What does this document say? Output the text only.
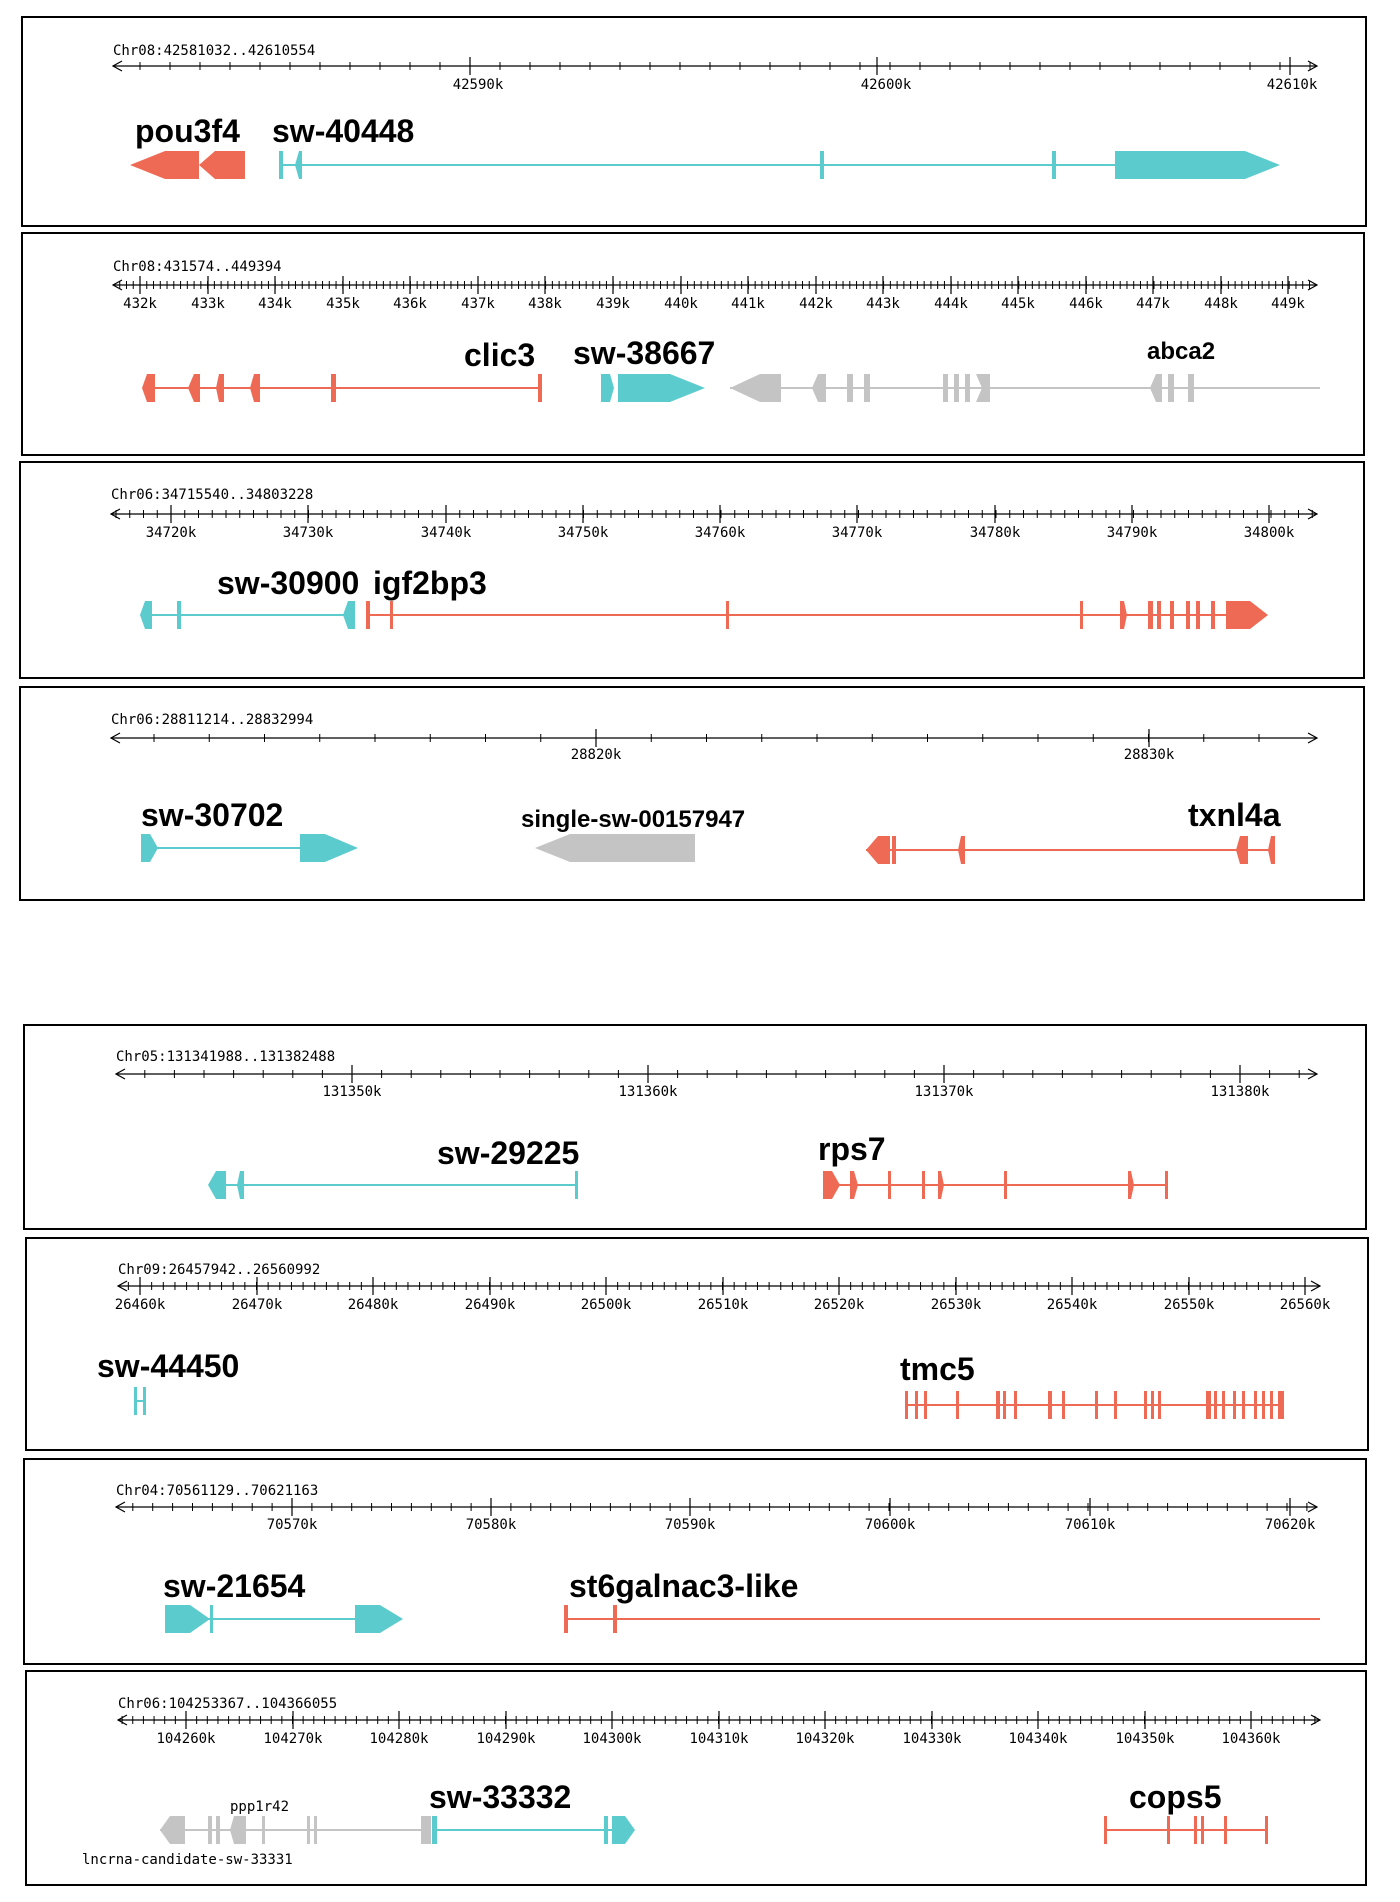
Chr08:42581032..42610554
42590k	42600k	42610k
pou3f4 sw-40448
Chr08:431574..449394
432k 433k 434k 435k 436k 437k 438k 439k 440k 441k 442k 443k 444k 445k 446k 447k 448k 449k
clic3 sw-38667	abca2
Chr06:34715540..34803228
34720k	34730k	34740k	34750k	34760k	34770k	34780k	34790k	34800k
sw-30900 igf2bp3
Chr06:28811214..28832994
28820k	28830k
sw-30702	single-sw-00157947	txnl4a
Chr05:131341988..131382488
131350k	131360k	131370k	131380k
sw-29225	rps7
Chr09:26457942..26560992
26460k	26470k	26480k	26490k	26500k	26510k	26520k	26530k	26540k	26550k	26560k
sw-44450	tmc5
Chr04:70561129..70621163
70570k	70580k	70590k	70600k	70610k	70620k
sw-21654	st6galnac3-like
Chr06:104253367..104366055
104260k	104270k	104280k	104290k	104300k	104310k	104320k	104330k	104340k	104350k	104360k
ppp1r42
lncrna-candidate-sw-33331
sw-33332	cops5
